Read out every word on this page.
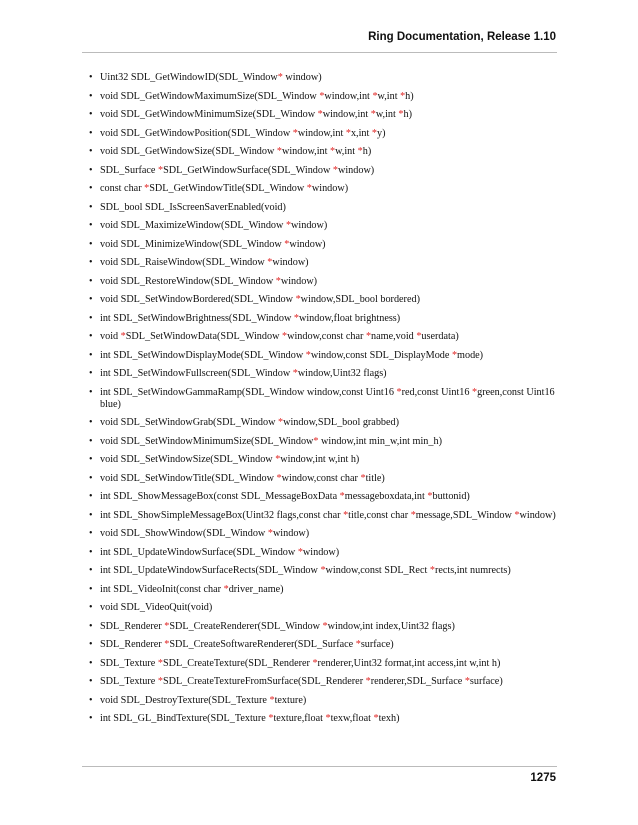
Ring Documentation, Release 1.10
• Uint32 SDL_GetWindowID(SDL_Window* window)
• void SDL_GetWindowMaximumSize(SDL_Window *window,int *w,int *h)
• void SDL_GetWindowMinimumSize(SDL_Window *window,int *w,int *h)
• void SDL_GetWindowPosition(SDL_Window *window,int *x,int *y)
• void SDL_GetWindowSize(SDL_Window *window,int *w,int *h)
• SDL_Surface *SDL_GetWindowSurface(SDL_Window *window)
• const char *SDL_GetWindowTitle(SDL_Window *window)
• SDL_bool SDL_IsScreenSaverEnabled(void)
• void SDL_MaximizeWindow(SDL_Window *window)
• void SDL_MinimizeWindow(SDL_Window *window)
• void SDL_RaiseWindow(SDL_Window *window)
• void SDL_RestoreWindow(SDL_Window *window)
• void SDL_SetWindowBordered(SDL_Window *window,SDL_bool bordered)
• int SDL_SetWindowBrightness(SDL_Window *window,float brightness)
• void *SDL_SetWindowData(SDL_Window *window,const char *name,void *userdata)
• int SDL_SetWindowDisplayMode(SDL_Window *window,const SDL_DisplayMode *mode)
• int SDL_SetWindowFullscreen(SDL_Window *window,Uint32 flags)
• int SDL_SetWindowGammaRamp(SDL_Window window,const Uint16 *red,const Uint16 *green,const Uint16 blue)
• void SDL_SetWindowGrab(SDL_Window *window,SDL_bool grabbed)
• void SDL_SetWindowMinimumSize(SDL_Window* window,int min_w,int min_h)
• void SDL_SetWindowSize(SDL_Window *window,int w,int h)
• void SDL_SetWindowTitle(SDL_Window *window,const char *title)
• int SDL_ShowMessageBox(const SDL_MessageBoxData *messageboxdata,int *buttonid)
• int SDL_ShowSimpleMessageBox(Uint32 flags,const char *title,const char *message,SDL_Window *window)
• void SDL_ShowWindow(SDL_Window *window)
• int SDL_UpdateWindowSurface(SDL_Window *window)
• int SDL_UpdateWindowSurfaceRects(SDL_Window *window,const SDL_Rect *rects,int numrects)
• int SDL_VideoInit(const char *driver_name)
• void SDL_VideoQuit(void)
• SDL_Renderer *SDL_CreateRenderer(SDL_Window *window,int index,Uint32 flags)
• SDL_Renderer *SDL_CreateSoftwareRenderer(SDL_Surface *surface)
• SDL_Texture *SDL_CreateTexture(SDL_Renderer *renderer,Uint32 format,int access,int w,int h)
• SDL_Texture *SDL_CreateTextureFromSurface(SDL_Renderer *renderer,SDL_Surface *surface)
• void SDL_DestroyTexture(SDL_Texture *texture)
• int SDL_GL_BindTexture(SDL_Texture *texture,float *texw,float *texh)
1275
